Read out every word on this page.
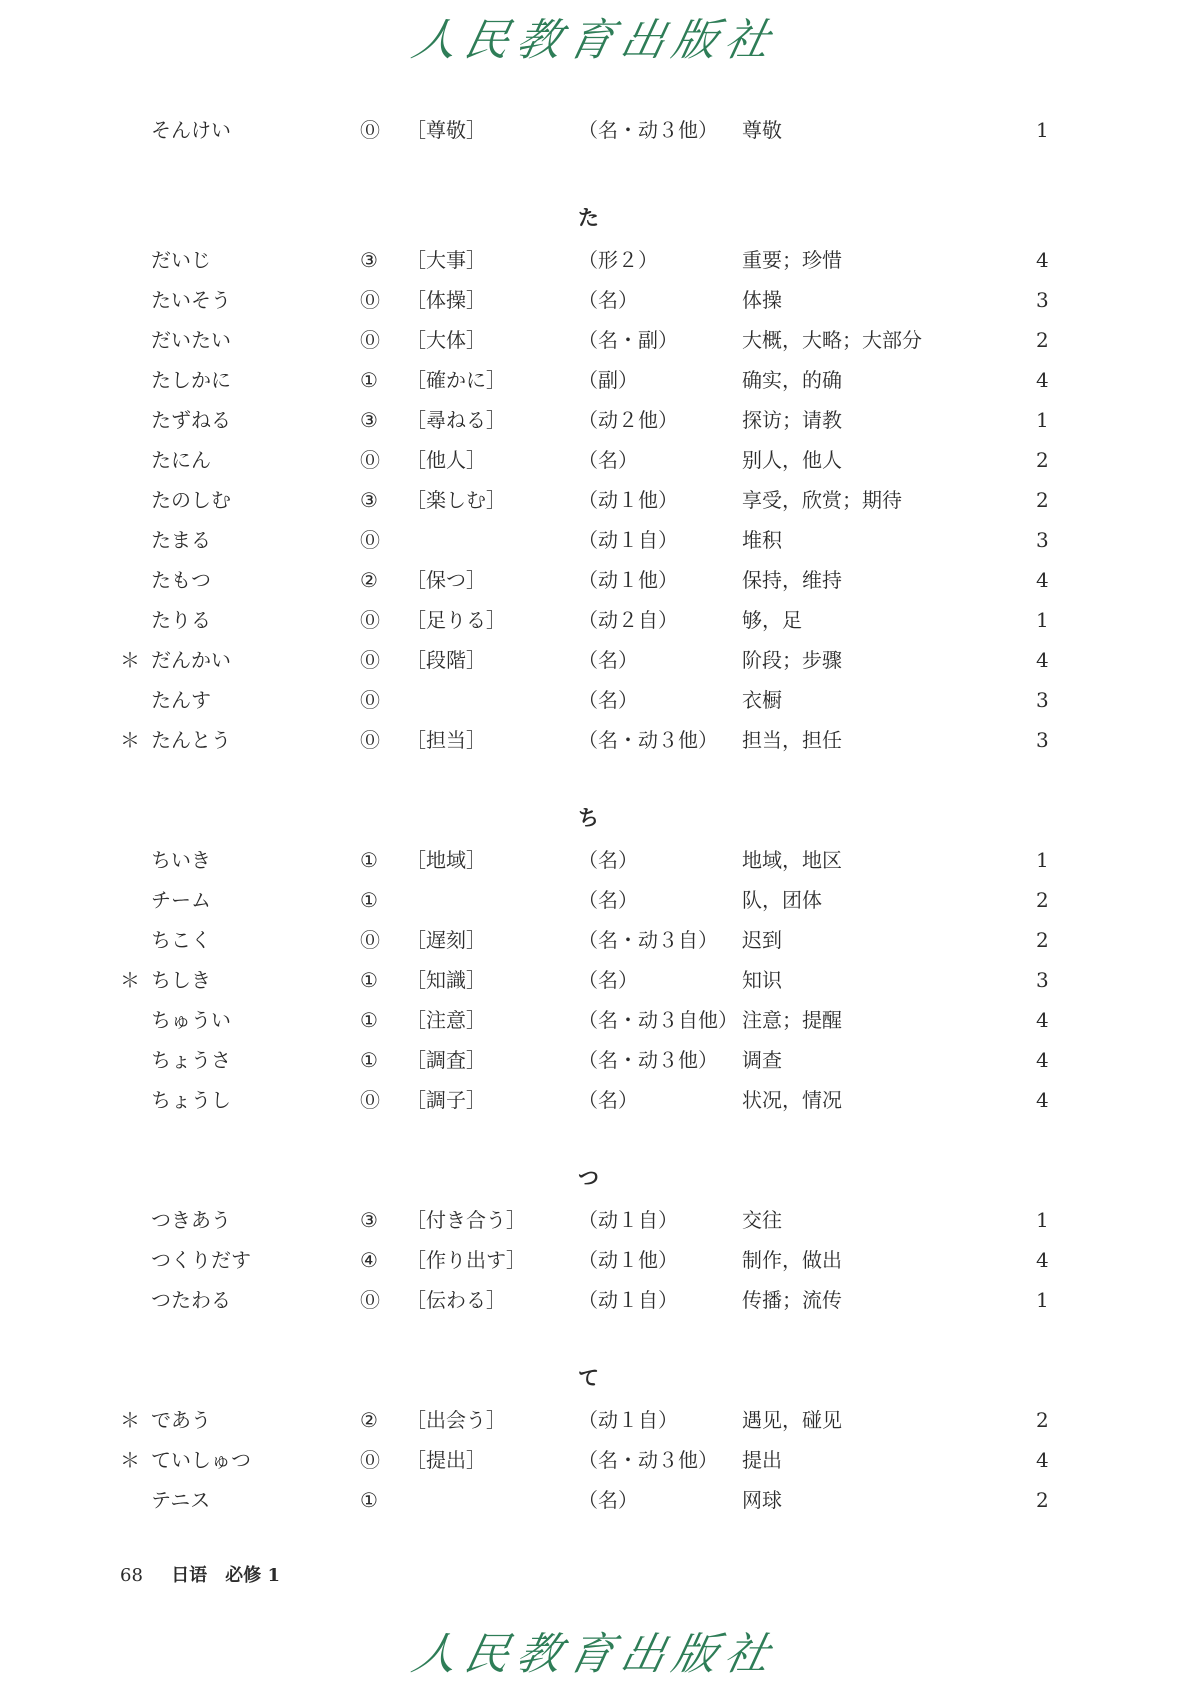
人民教育出版社
そんけい	⓪ ［尊敬］	（名・动３他） 尊敬	1
た
だいじ	③ ［大事］	（形２）	重要；珍惜	4
たいそう	⓪ ［体操］	（名）	体操	3
だいたい	⓪ ［大体］	（名・副）	大概，大略；大部分	2
たしかに	① ［確かに］	（副）	确实，的确	4
たずねる	③ ［尋ねる］	（动２他）	探访；请教	1
たにん	⓪ ［他人］	（名）	别人，他人	2
たのしむ	③ ［楽しむ］	（动１他）	享受，欣赏；期待	2
たまる	⓪	（动１自）	堆积	3
たもつ	② ［保つ］	（动１他）	保持，维持	4
たりる	⓪ ［足りる］	（动２自）	够，足	1
＊ だんかい	⓪ ［段階］	（名）	阶段；步骤	4
たんす	⓪	（名）	衣橱	3
＊ たんとう	⓪ ［担当］	（名・动３他） 担当，担任	3
ち
ちいき	① ［地域］	（名）	地域，地区	1
チーム	①	（名）	队，团体	2
ちこく	⓪ ［遅刻］	（名・动３自） 迟到	2
＊ ちしき	① ［知識］	（名）	知识	3
ちゅうい	① ［注意］	（名・动３自他） 注意；提醒	4
ちょうさ	① ［調査］	（名・动３他） 调查	4
ちょうし	⓪ ［調子］	（名）	状况，情况	4
つ
つきあう	③ ［付き合う］	（动１自）	交往	1
つくりだす	④ ［作り出す］	（动１他）	制作，做出	4
つたわる	⓪ ［伝わる］	（动１自）	传播；流传	1
て
＊ であう	② ［出会う］	（动１自）	遇见，碰见	2
＊ ていしゅつ	⓪ ［提出］	（名・动３他） 提出	4
テニス	①	（名）	网球	2
68 日语　必修 1
人民教育出版社
